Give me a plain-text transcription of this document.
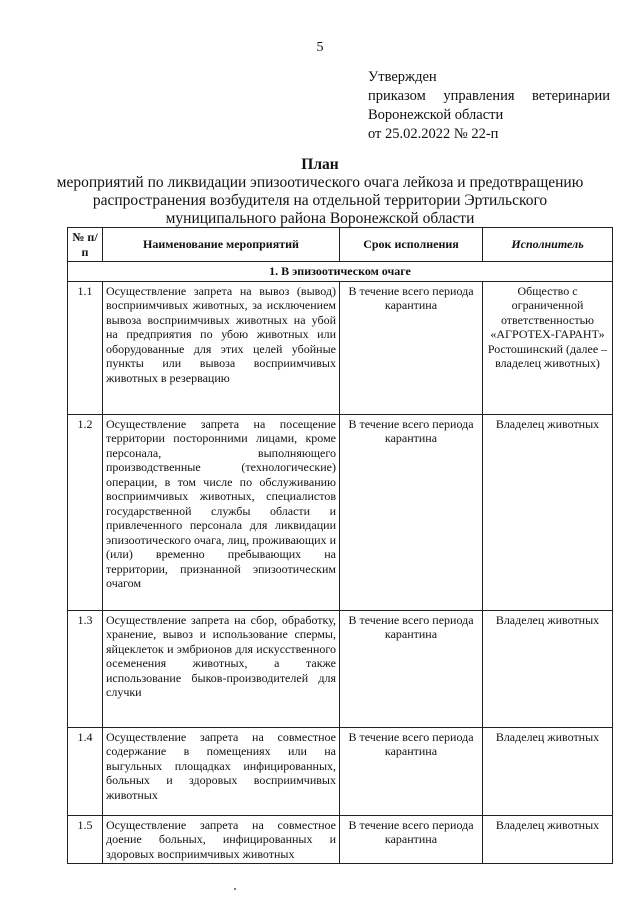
5
Утвержден
приказом управления ветеринарии
Воронежской области
от 25.02.2022 № 22-п
План
мероприятий по ликвидации эпизоотического очага лейкоза и предотвращению распространения возбудителя на отдельной территории Эртильского муниципального района Воронежской области
№ п/п	Наименование мероприятий	Срок исполнения	Исполнитель
1. В эпизоотическом очаге			
1.1	Осуществление запрета на вывоз (вывод) восприимчивых животных, за исключением вывоза восприимчивых животных на убой на предприятия по убою животных или оборудованные для этих целей убойные пункты или вывоза восприимчивых животных в резервацию	В течение всего периода карантина	Общество с ограниченной ответственностью «АГРОТЕХ-ГАРАНТ» Ростошинский (далее – владелец животных)
1.2	Осуществление запрета на посещение территории посторонними лицами, кроме персонала, выполняющего производственные (технологические) операции, в том числе по обслуживанию восприимчивых животных, специалистов государственной службы области и привлеченного персонала для ликвидации эпизоотического очага, лиц, проживающих и (или) временно пребывающих на территории, признанной эпизоотическим очагом	В течение всего периода карантина	Владелец животных
1.3	Осуществление запрета на сбор, обработку, хранение, вывоз и использование спермы, яйцеклеток и эмбрионов для искусственного осеменения животных, а также использование быков-производителей для случки	В течение всего периода карантина	Владелец животных
1.4	Осуществление запрета на совместное содержание в помещениях или на выгульных площадках инфицированных, больных и здоровых восприимчивых животных	В течение всего периода карантина	Владелец животных
1.5	Осуществление запрета на совместное доение больных, инфицированных и здоровых восприимчивых животных	В течение всего периода карантина	Владелец животных
